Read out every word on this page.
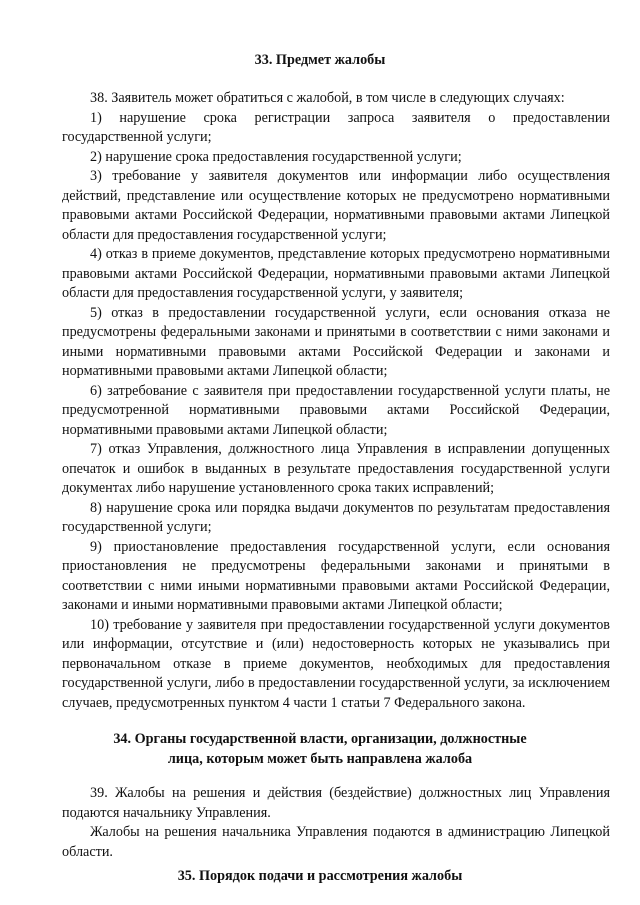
33. Предмет жалобы

38. Заявитель может обратиться с жалобой, в том числе в следующих случаях:

1) нарушение срока регистрации запроса заявителя о предоставлении государственной услуги;

2) нарушение срока предоставления государственной услуги;

3) требование у заявителя документов или информации либо осуществления действий, представление или осуществление которых не предусмотрено нормативными правовыми актами Российской Федерации, нормативными правовыми актами Липецкой области для предоставления государственной услуги;

4) отказ в приеме документов, представление которых предусмотрено нормативными правовыми актами Российской Федерации, нормативными правовыми актами Липецкой области для предоставления государственной услуги, у заявителя;

5) отказ в предоставлении государственной услуги, если основания отказа не предусмотрены федеральными законами и принятыми в соответствии с ними законами и иными нормативными правовыми актами Российской Федерации и законами и нормативными правовыми актами Липецкой области;

6) затребование с заявителя при предоставлении государственной услуги платы, не предусмотренной нормативными правовыми актами Российской Федерации, нормативными правовыми актами Липецкой области;

7) отказ Управления, должностного лица Управления в исправлении допущенных опечаток и ошибок в выданных в результате предоставления государственной услуги документах либо нарушение установленного срока таких исправлений;

8) нарушение срока или порядка выдачи документов по результатам предоставления государственной услуги;

9) приостановление предоставления государственной услуги, если основания приостановления не предусмотрены федеральными законами и принятыми в соответствии с ними иными нормативными правовыми актами Российской Федерации, законами и иными нормативными правовыми актами Липецкой области;

10) требование у заявителя при предоставлении государственной услуги документов или информации, отсутствие и (или) недостоверность которых не указывались при первоначальном отказе в приеме документов, необходимых для предоставления государственной услуги, либо в предоставлении государственной услуги, за исключением случаев, предусмотренных пунктом 4 части 1 статьи 7 Федерального закона.

34. Органы государственной власти, организации, должностные
лица, которым может быть направлена жалоба

39. Жалобы на решения и действия (бездействие) должностных лиц Управления подаются начальнику Управления.

Жалобы на решения начальника Управления подаются в администрацию Липецкой области.

35. Порядок подачи и рассмотрения жалобы
